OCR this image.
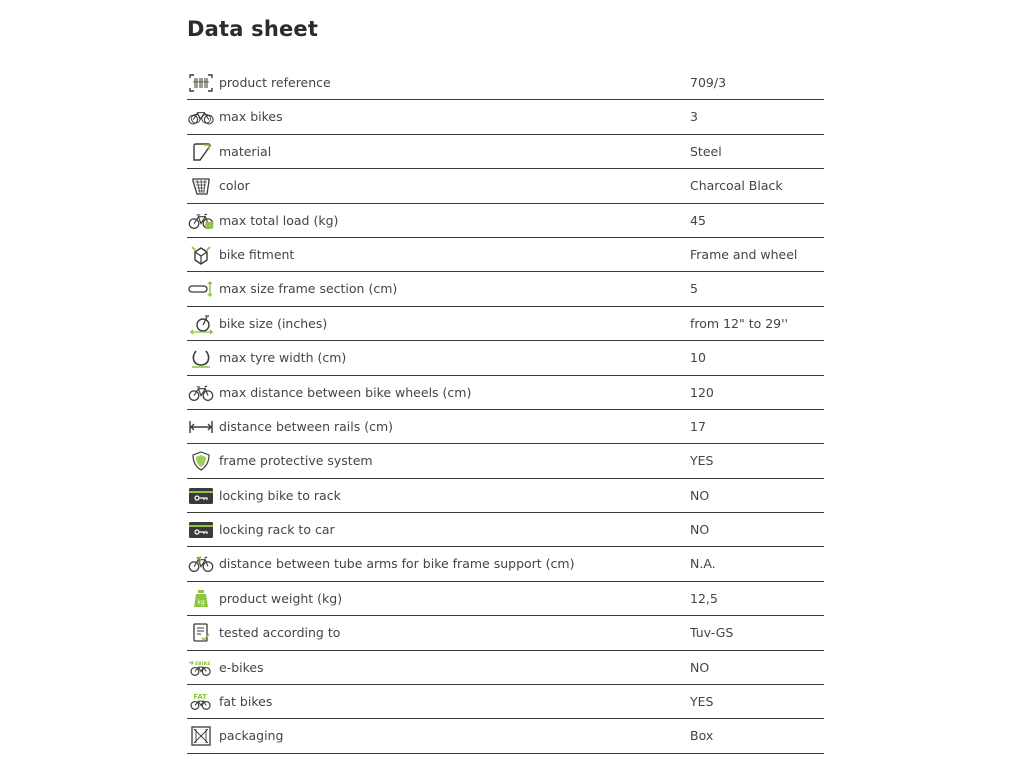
Data sheet
product reference	709/3
max bikes	3
material	Steel
color	Charcoal Black
max total load (kg)	45
bike fitment	Frame and wheel
max size frame section (cm)	5
bike size (inches)	from 12" to 29''
max tyre width (cm)	10
max distance between bike wheels (cm)	120
distance between rails (cm)	17
frame protective system	YES
locking bike to rack	NO
locking rack to car	NO
distance between tube arms for bike frame support (cm)	N.A.
kg product weight (kg)	12,5
tested according to	Tuv-GS
EBIKE e-bikes	NO
FAT fat bikes	YES
packaging	Box
